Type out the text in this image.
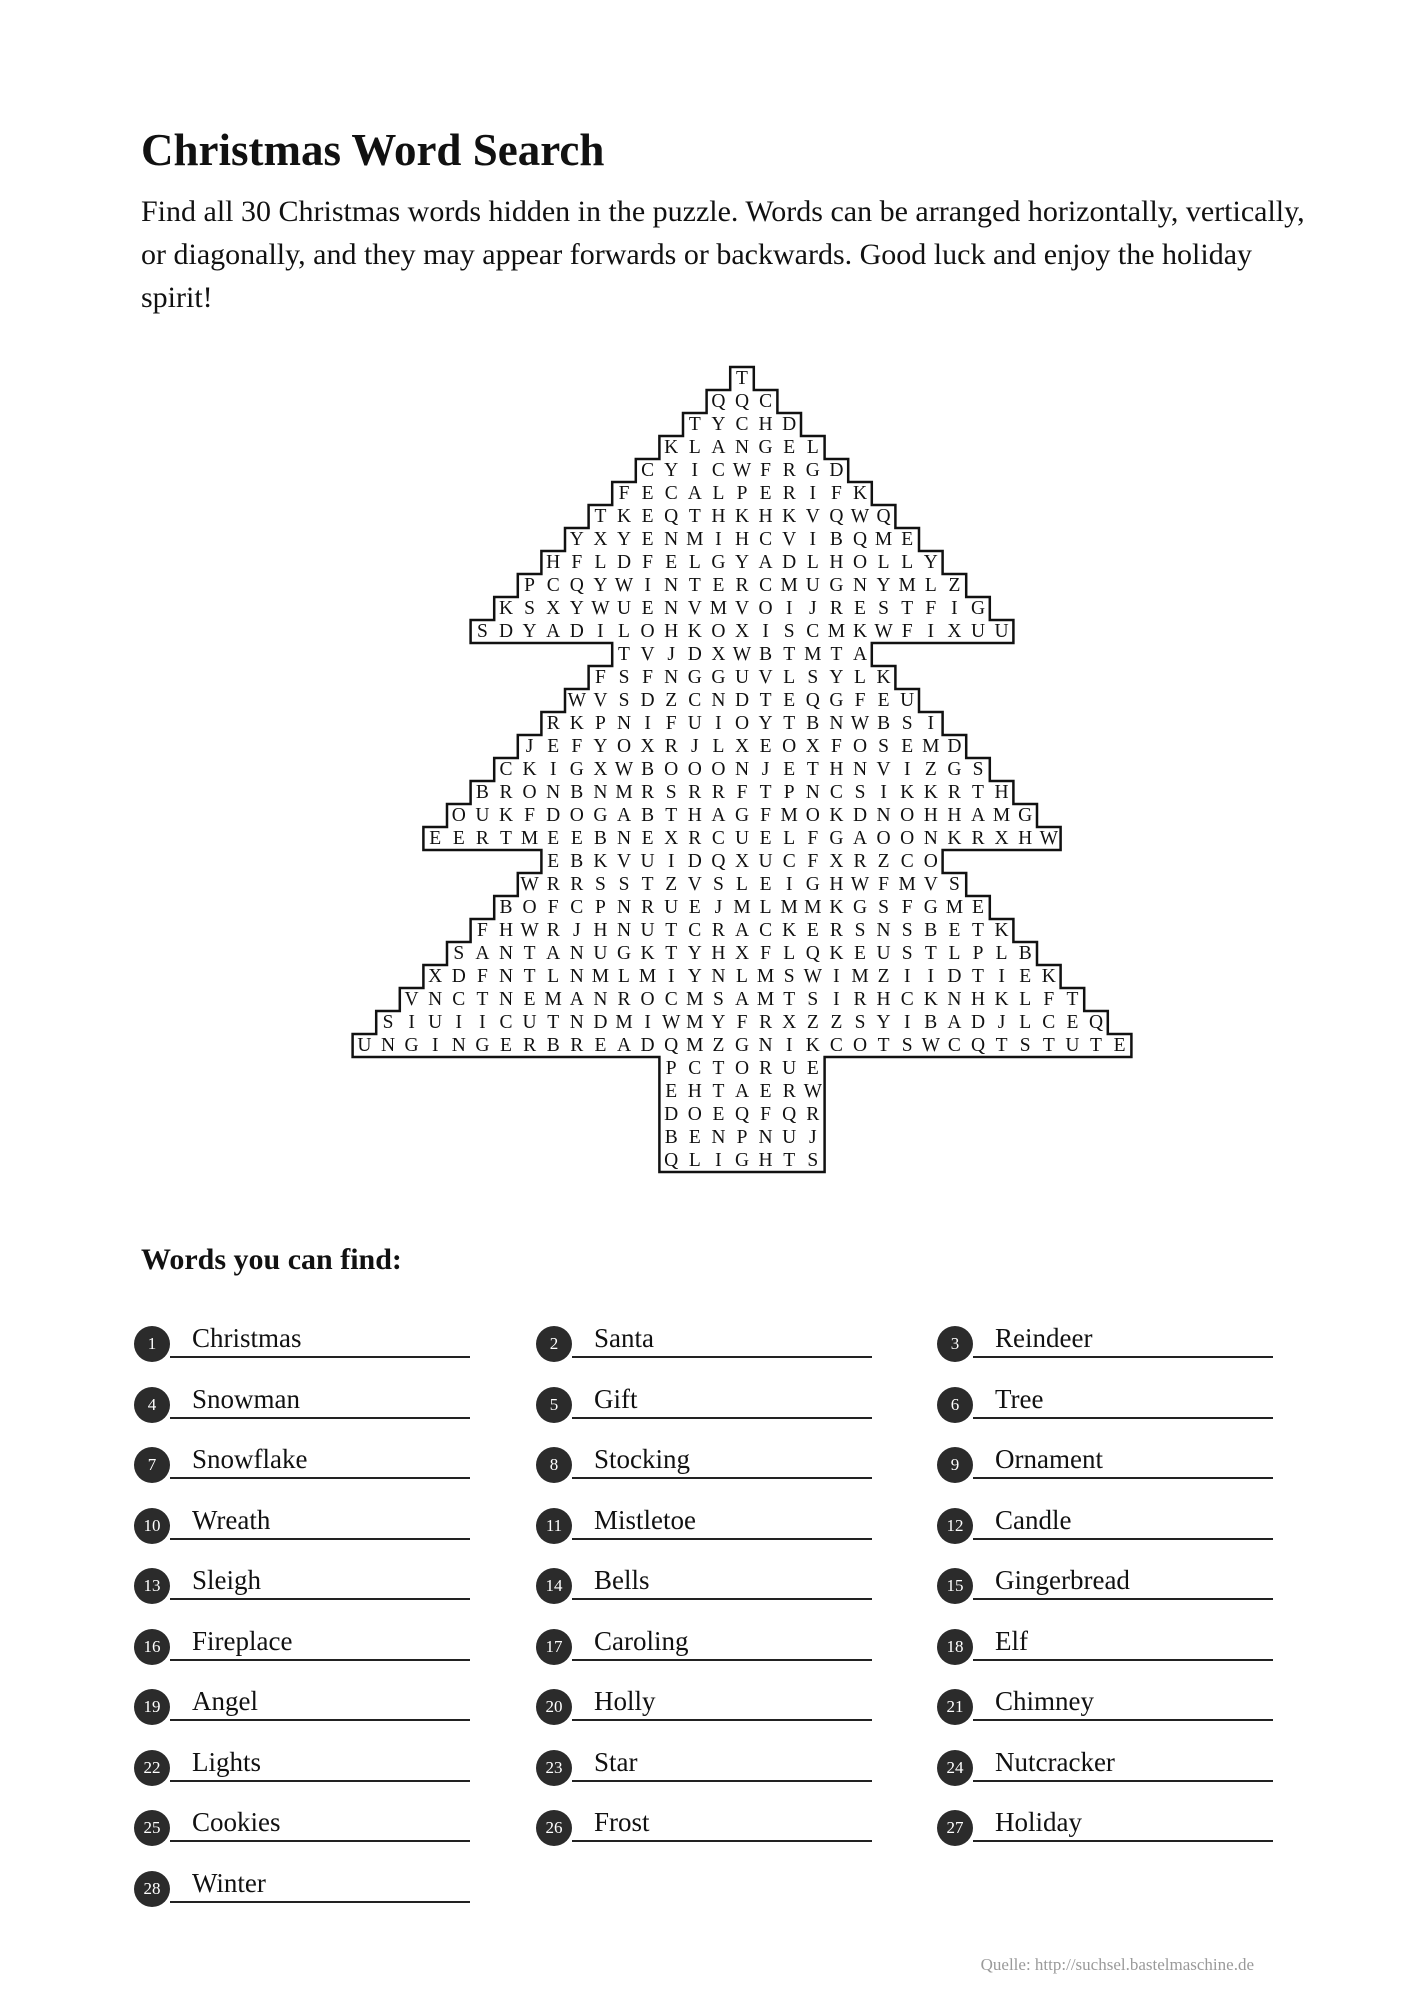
Christmas Word Search

Find all 30 Christmas words hidden in the puzzle. Words can be arranged horizontally, vertically, or diagonally, and they may appear forwards or backwards. Good luck and enjoy the holiday spirit!

T
Q Q C
T Y C H D
K L A N G E L
C Y I C W F R G D
F E C A L P E R I F K
T K E Q T H K H K V Q W Q
Y X Y E N M I H C V I B Q M E
H F L D F E L G Y A D L H O L L Y
P C Q Y W I N T E R C M U G N Y M L Z
K S X Y W U E N V M V O I J R E S T F I G
S D Y A D I L O H K O X I S C M K W F I X U U
T V J D X W B T M T A
F S F N G G U V L S Y L K
W V S D Z C N D T E Q G F E U
R K P N I F U I O Y T B N W B S I
J E F Y O X R J L X E O X F O S E M D
C K I G X W B O O O N J E T H N V I Z G S
B R O N B N M R S R R F T P N C S I K K R T H
O U K F D O G A B T H A G F M O K D N O H H A M G
E E R T M E E B N E X R C U E L F G A O O N K R X H W
E B K V U I D Q X U C F X R Z C O
W R R S S T Z V S L E I G H W F M V S
B O F C P N R U E J M L M M K G S F G M E
F H W R J H N U T C R A C K E R S N S B E T K
S A N T A N U G K T Y H X F L Q K E U S T L P L B
X D F N T L N M L M I Y N L M S W I M Z I I D T I E K
V N C T N E M A N R O C M S A M T S I R H C K N H K L F T
S I U I I C U T N D M I W M Y F R X Z Z S Y I B A D J L C E Q
U N G I N G E R B R E A D Q M Z G N I K C O T S W C Q T S T U T E
P C T O R U E
E H T A E R W
D O E Q F Q R
B E N P N U J
Q L I G H T S
Words you can find:
1	Christmas	2	Santa	3	Reindeer
4	Snowman	5	Gift	6	Tree
7	Snowflake	8	Stocking	9	Ornament
10	Wreath	11	Mistletoe	12	Candle
13	Sleigh	14	Bells	15	Gingerbread
16	Fireplace	17	Caroling	18	Elf
19	Angel	20	Holly	21	Chimney
22	Lights	23	Star	24	Nutcracker
25	Cookies	26	Frost	27	Holiday
28	Winter
Quelle: http://suchsel.bastelmaschine.de
